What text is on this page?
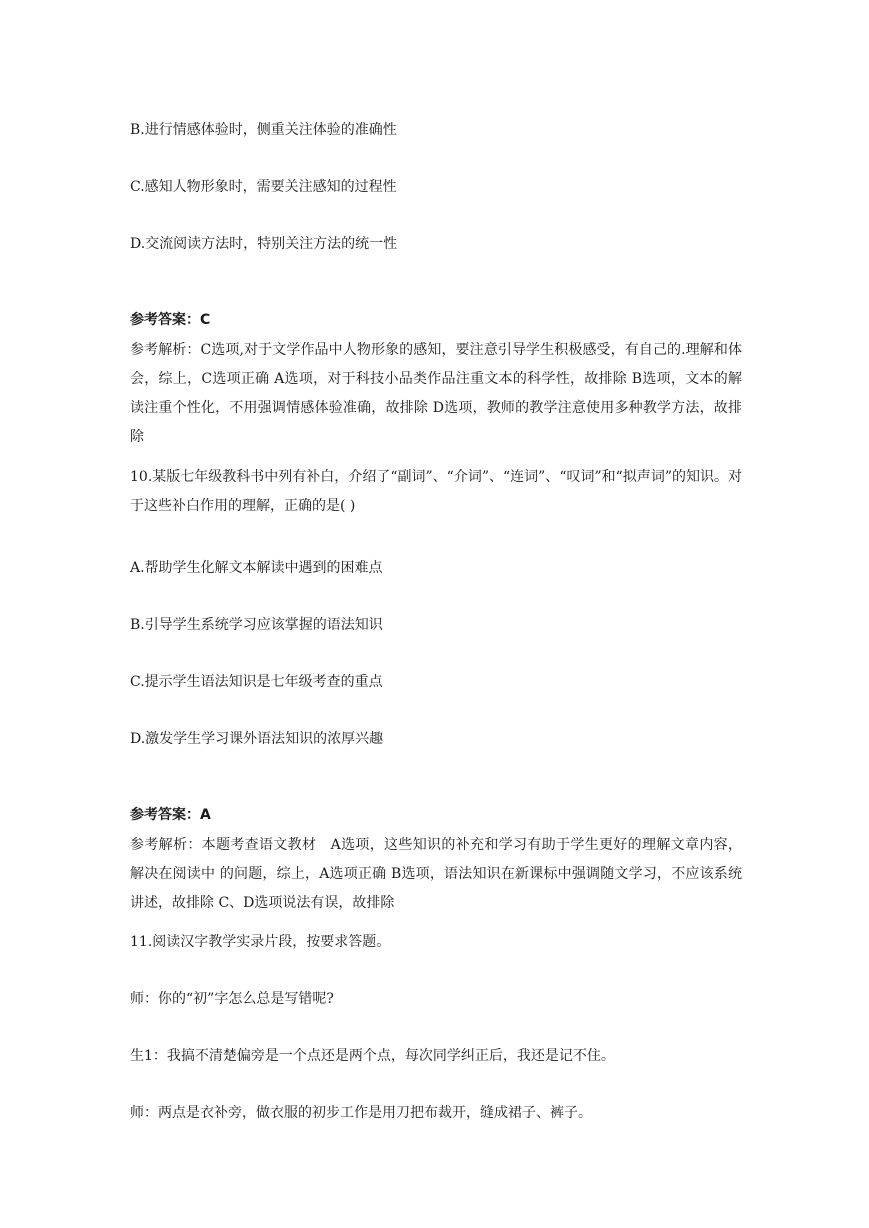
B.进行情感体验时，侧重关注体验的准确性
C.感知人物形象时，需要关注感知的过程性
D.交流阅读方法时，特别关注方法的统一性
参考答案：C
参考解析：C选项,对于文学作品中人物形象的感知，要注意引导学生积极感受，有自己的.理解和体会，综上，C选项正确 A选项，对于科技小品类作品注重文本的科学性，故排除 B选项，文本的解读注重个性化，不用强调情感体验准确，故排除 D选项，教师的教学注意使用多种教学方法，故排除
10.某版七年级教科书中列有补白，介绍了“副词”、“介词”、“连词”、“叹词”和“拟声词”的知识。对于这些补白作用的理解，正确的是( )
A.帮助学生化解文本解读中遇到的困难点
B.引导学生系统学习应该掌握的语法知识
C.提示学生语法知识是七年级考查的重点
D.激发学生学习课外语法知识的浓厚兴趣
参考答案：A
参考解析：本题考查语文教材　A选项，这些知识的补充和学习有助于学生更好的理解文章内容，解决在阅读中 的问题，综上，A选项正确 B选项，语法知识在新课标中强调随文学习，不应该系统讲述，故排除 C、D选项说法有误，故排除
11.阅读汉字教学实录片段，按要求答题。
师：你的“初”字怎么总是写错呢?
生1：我搞不清楚偏旁是一个点还是两个点，每次同学纠正后，我还是记不住。
师：两点是衣补旁，做衣服的初步工作是用刀把布裁开，缝成裙子、裤子。
